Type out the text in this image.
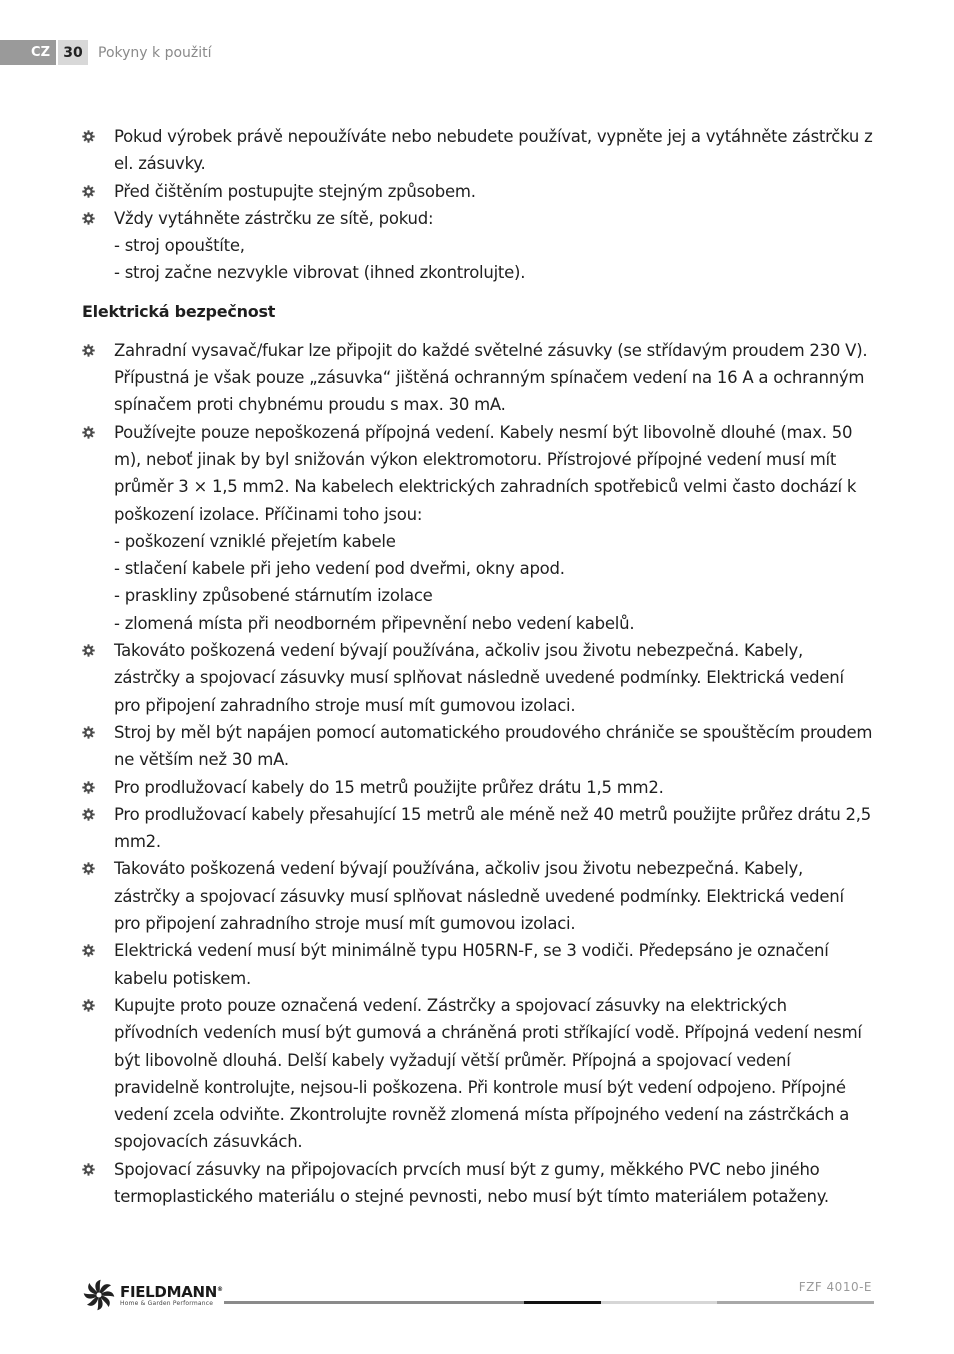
CZ 30	Pokyny k použití
Pokud výrobek právě nepoužíváte nebo nebudete používat, vypněte jej a vytáhněte zástrčku z el. zásuvky.
Před čištěním postupujte stejným způsobem.
Vždy vytáhněte zástrčku ze sítě, pokud:
- stroj opouštíte,
- stroj začne nezvykle vibrovat (ihned zkontrolujte).
Elektrická bezpečnost
Zahradní vysavač/fukar lze připojit do každé světelné zásuvky (se střídavým proudem 230 V). Přípustná je však pouze „zásuvka“ jištěná ochranným spínačem vedení na 16 A a ochranným spínačem proti chybnému proudu s max. 30 mA.
Používejte pouze nepoškozená přípojná vedení. Kabely nesmí být libovolně dlouhé (max. 50 m), neboť jinak by byl snižován výkon elektromotoru. Přístrojové přípojné vedení musí mít průměr 3 × 1,5 mm2. Na kabelech elektrických zahradních spotřebiců velmi často dochází k poškození izolace. Příčinami toho jsou:
- poškození vzniklé přejetím kabele
- stlačení kabele při jeho vedení pod dveřmi, okny apod.
- praskliny způsobené stárnutím izolace
- zlomená místa při neodborném připevnění nebo vedení kabelů.
Takováto poškozená vedení bývají používána, ačkoliv jsou životu nebezpečná. Kabely, zástrčky a spojovací zásuvky musí splňovat následně uvedené podmínky. Elektrická vedení pro připojení zahradního stroje musí mít gumovou izolaci.
Stroj by měl být napájen pomocí automatického proudového chrániče se spouštěcím proudem ne větším než 30 mA.
Pro prodlužovací kabely do 15 metrů použijte průřez drátu 1,5 mm2.
Pro prodlužovací kabely přesahující 15 metrů ale méně než 40 metrů použijte průřez drátu 2,5 mm2.
Takováto poškozená vedení bývají používána, ačkoliv jsou životu nebezpečná. Kabely, zástrčky a spojovací zásuvky musí splňovat následně uvedené podmínky. Elektrická vedení pro připojení zahradního stroje musí mít gumovou izolaci.
Elektrická vedení musí být minimálně typu H05RN-F, se 3 vodiči. Předepsáno je označení kabelu potiskem.
Kupujte proto pouze označená vedení. Zástrčky a spojovací zásuvky na elektrických přívodních vedeních musí být gumová a chráněná proti stříkající vodě. Přípojná vedení nesmí být libovolně dlouhá. Delší kabely vyžadují větší průměr. Přípojná a spojovací vedení pravidelně kontrolujte, nejsou-li poškozena. Při kontrole musí být vedení odpojeno. Přípojné vedení zcela odviňte. Zkontrolujte rovněž zlomená místa přípojného vedení na zástrčkách a spojovacích zásuvkách.
Spojovací zásuvky na připojovacích prvcích musí být z gumy, měkkého PVC nebo jiného termoplastického materiálu o stejné pevnosti, nebo musí být tímto materiálem potaženy.
FIELDMANN®
Home & Garden Performance
FZF 4010-E
